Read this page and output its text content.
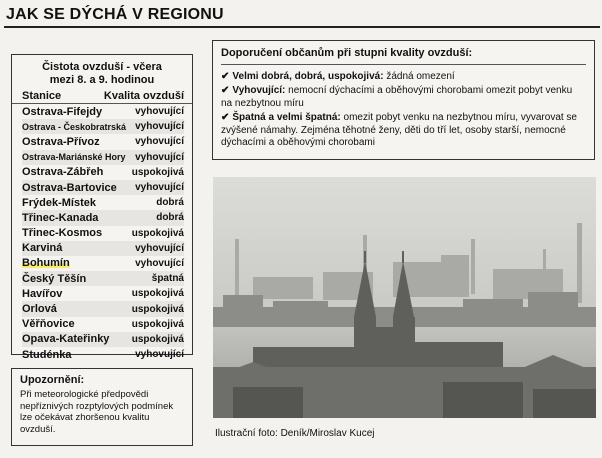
JAK SE DÝCHÁ V REGIONU
Čistota ovzduší - včera
mezi 8. a 9. hodinou
Stanice	Kvalita ovzduší
Ostrava-Fifejdy	vyhovující
Ostrava - Českobratrská vyhovující
Ostrava-Přívoz	vyhovující
Ostrava-Mariánské Hory vyhovující
Ostrava-Zábřeh	uspokojivá
Ostrava-Bartovice vyhovující
Frýdek-Místek	dobrá
Třinec-Kanada	dobrá
Třinec-Kosmos	uspokojivá
Karviná	vyhovující
Bohumín	vyhovující
Český Těšín	špatná
Havířov	uspokojivá
Orlová	uspokojivá
Věřňovice	uspokojivá
Opava-Kateřinky uspokojivá
Studénka	vyhovující
Doporučení občanům při stupni kvality ovzduší:
✔ Velmi dobrá, dobrá, uspokojivá: žádná omezení
✔ Vyhovující: nemocní dýchacími a oběhovými chorobami omezit pobyt venku na nezbytnou míru
✔ Špatná a velmi špatná: omezit pobyt venku na nezbytnou míru, vyvarovat se zvýšené námahy. Zejména těhotné ženy, děti do tří let, osoby starší, nemocné dýchacími a oběhovými chorobami
Ilustrační foto: Deník/Miroslav Kucej
Upozornění:
Při meteorologické předpovědi nepříznivých rozptylových podmínek lze očekávat zhoršenou kvalitu ovzduší.
